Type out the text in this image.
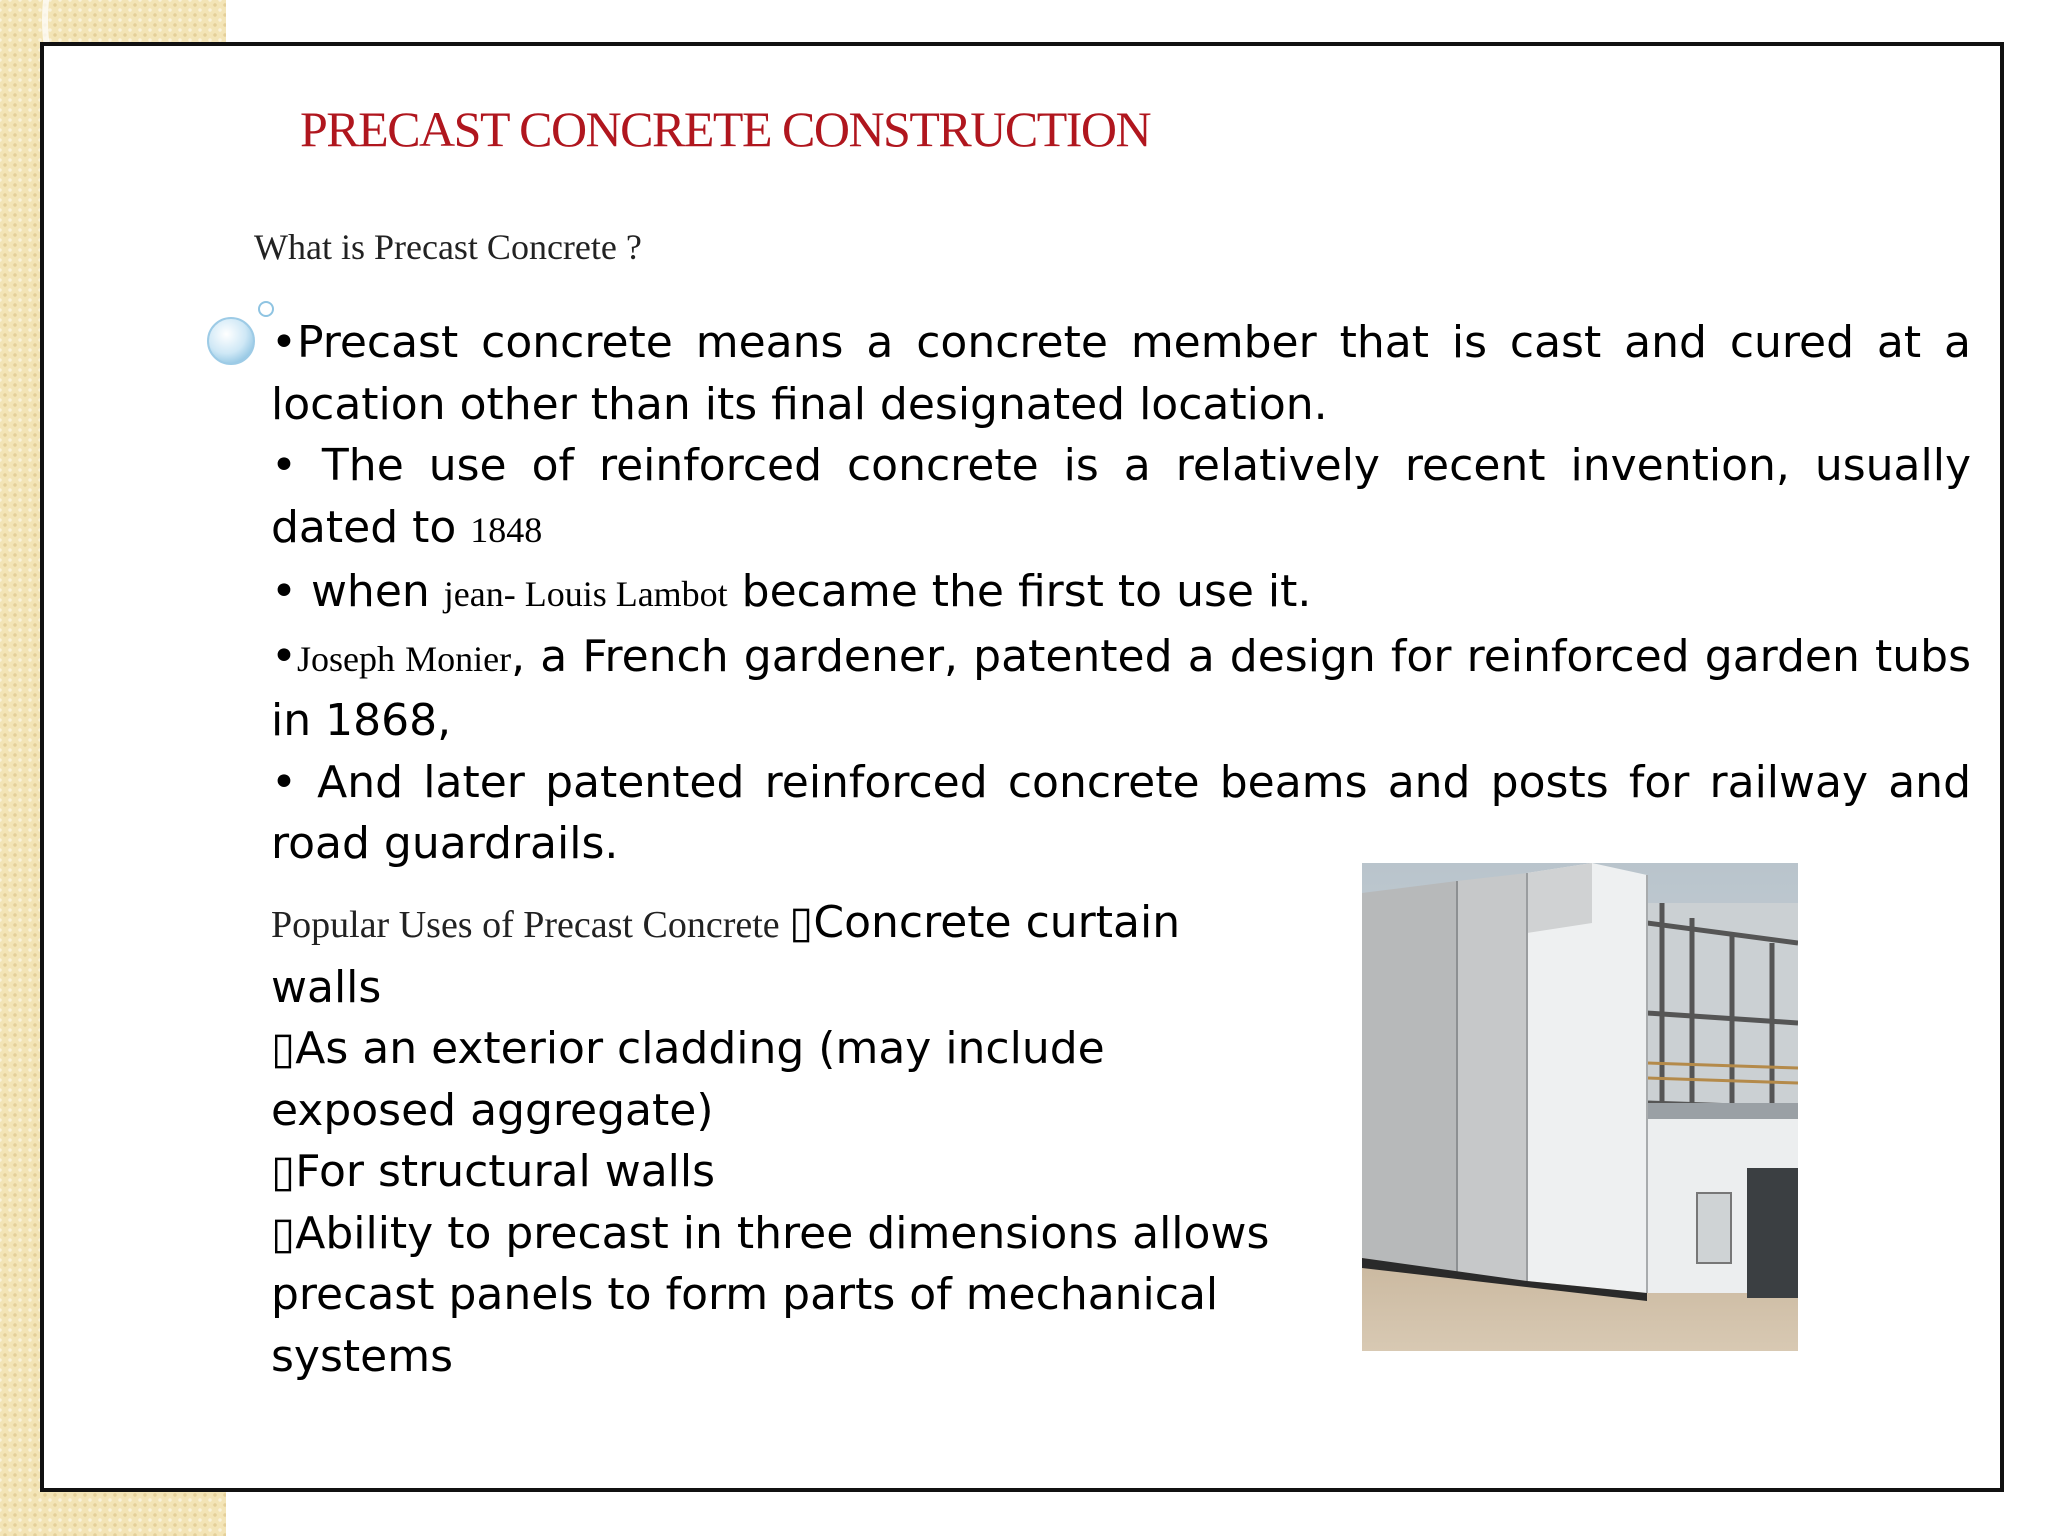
PRECAST CONCRETE CONSTRUCTION
What is Precast Concrete ?

•Precast concrete means a concrete member that is cast and cured at a location other than its final designated location.

• The use of reinforced concrete is a relatively recent invention, usually dated to 1848

• when jean- Louis Lambot became the first to use it.

•Joseph Monier, a French gardener, patented a design for reinforced garden tubs in 1868,

• And later patented reinforced concrete beams and posts for railway and road guardrails.

Popular Uses of Precast Concrete ▯Concrete curtain walls

▯As an exterior cladding (may include exposed aggregate)

▯For structural walls

▯Ability to precast in three dimensions allows precast panels to form parts of mechanical systems
